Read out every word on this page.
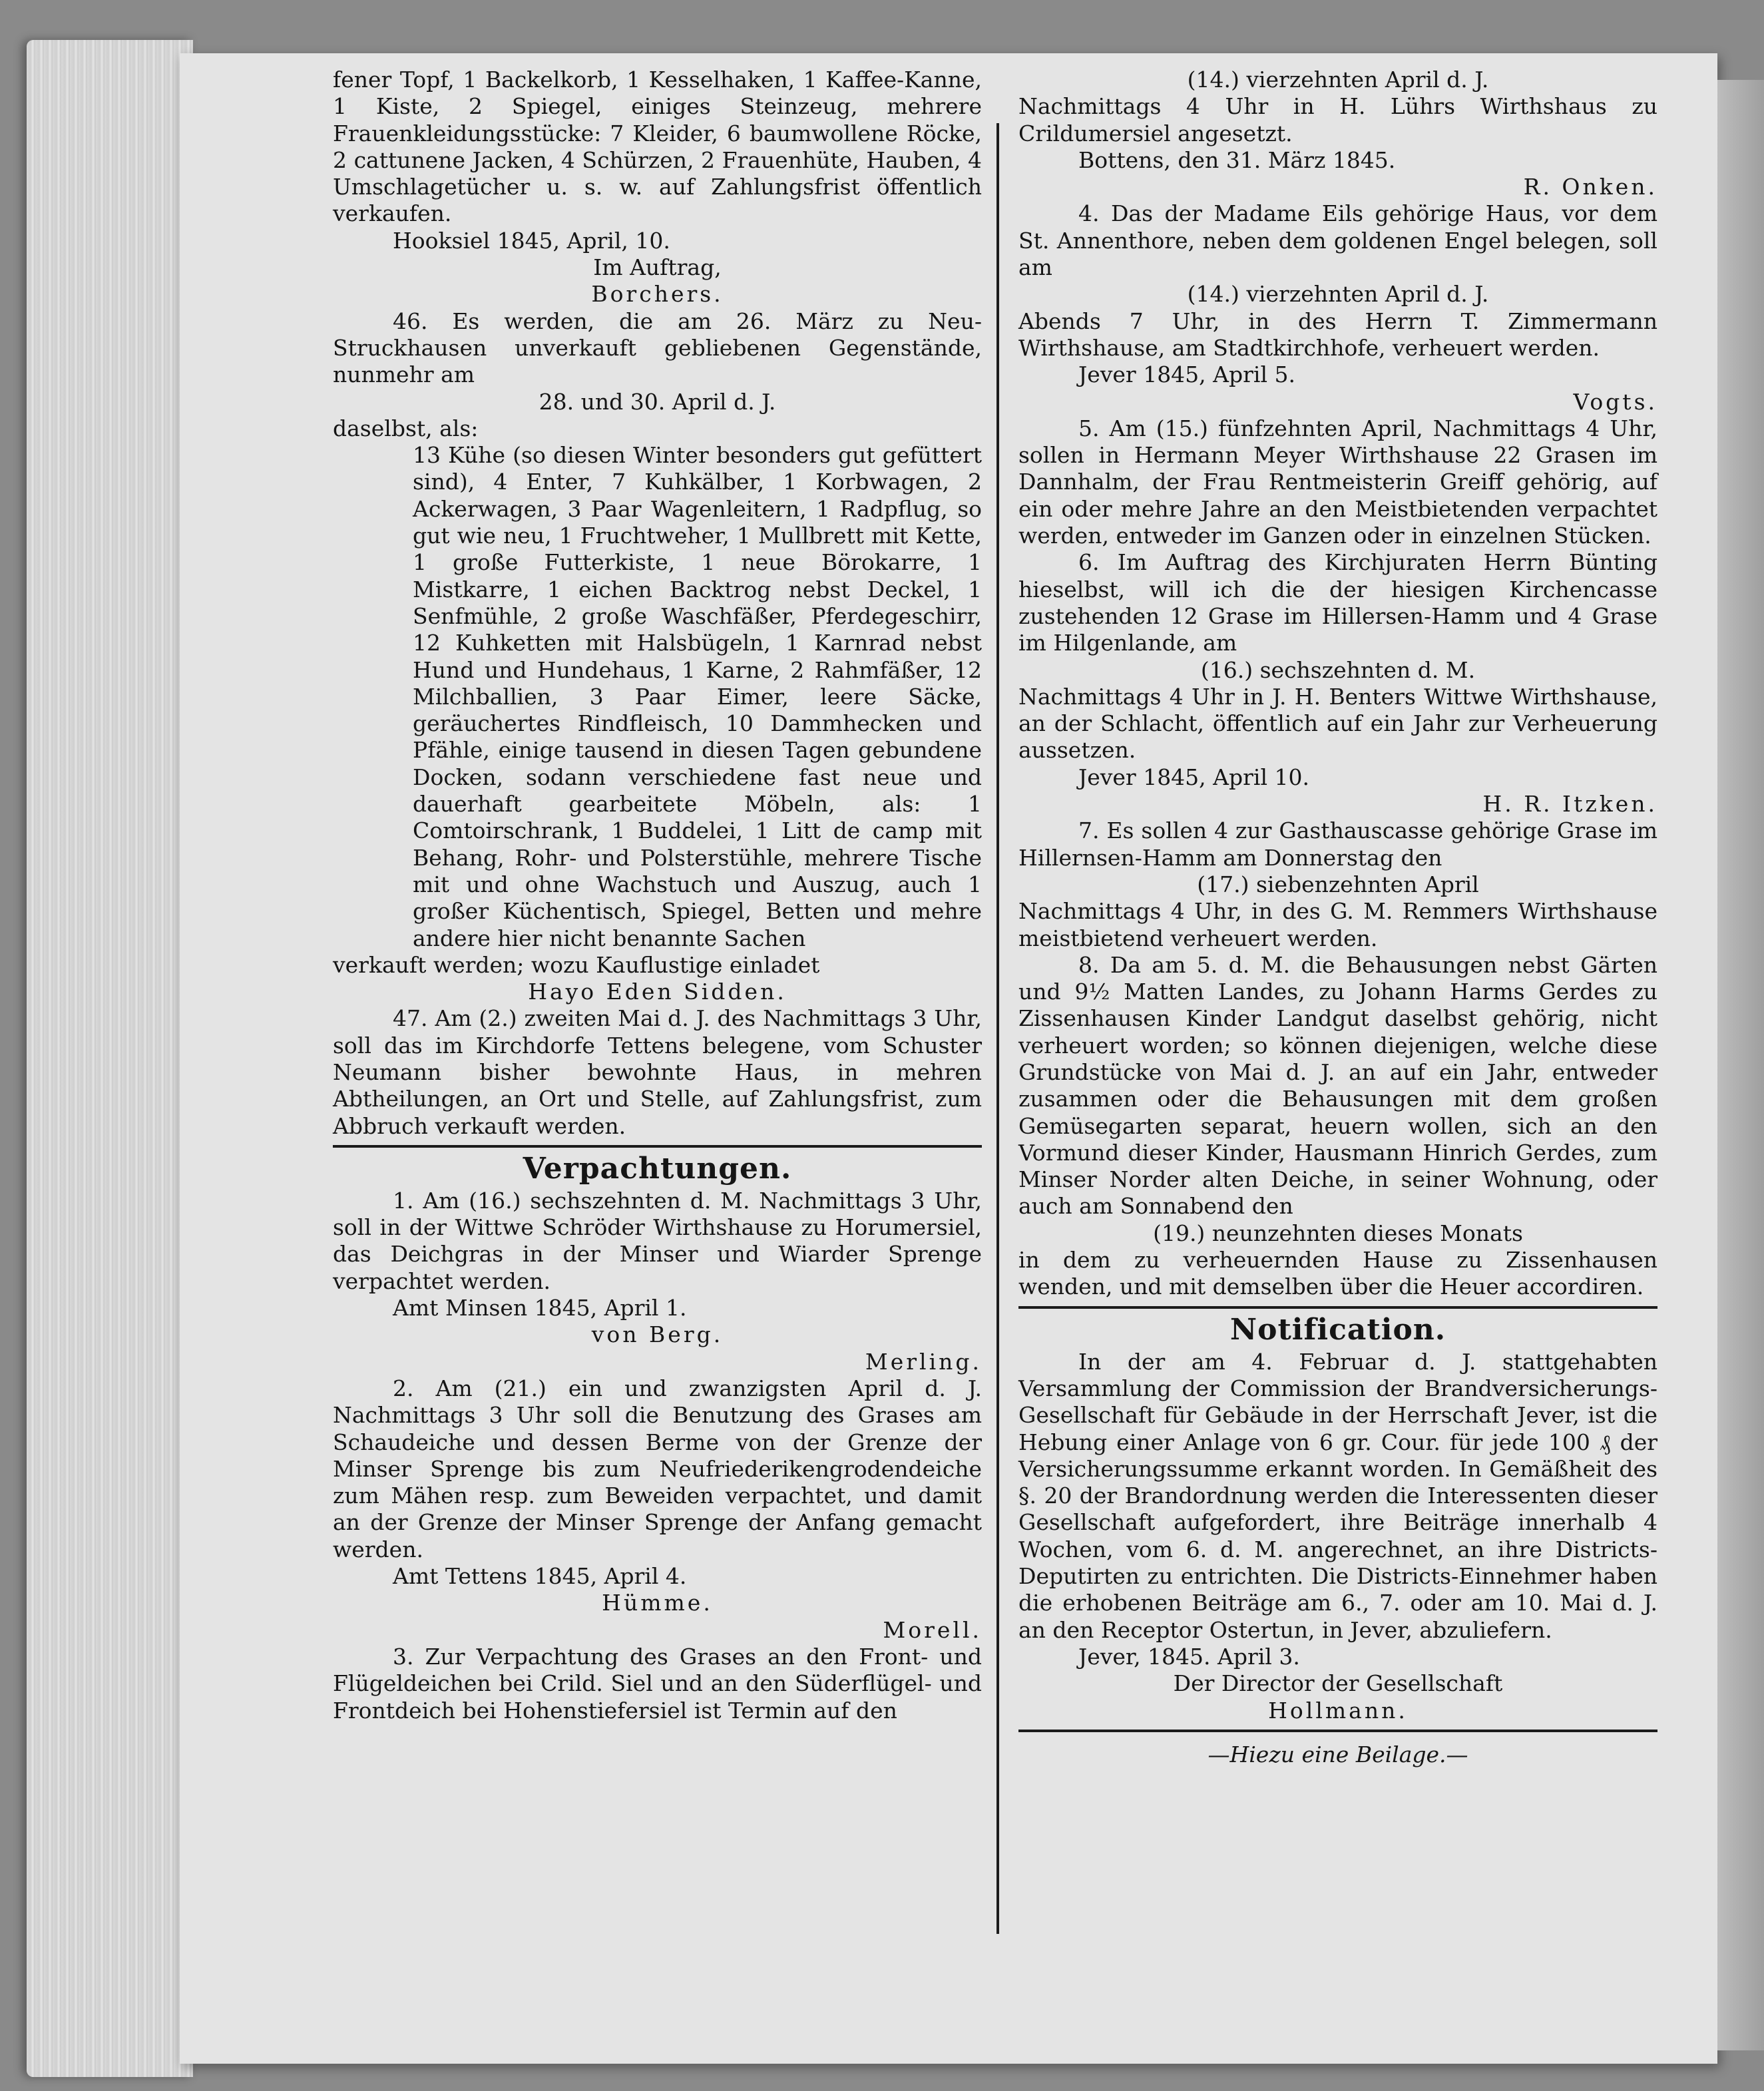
fener Topf, 1 Backelkorb, 1 Kesselhaken, 1 Kaffee-Kanne, 1 Kiste, 2 Spiegel, einiges Steinzeug, mehrere Frauenkleidungsstücke: 7 Kleider, 6 baumwollene Röcke, 2 cattunene Jacken, 4 Schürzen, 2 Frauenhüte, Hauben, 4 Umschlagetücher u. s. w. auf Zahlungsfrist öffentlich verkaufen.

Hooksiel 1845, April, 10.

Im Auftrag,

Borchers.

46. Es werden, die am 26. März zu Neu-Struckhausen unverkauft gebliebenen Gegenstände, nunmehr am

28. und 30. April d. J.

daselbst, als:

13 Kühe (so diesen Winter besonders gut gefüttert sind), 4 Enter, 7 Kuhkälber, 1 Korbwagen, 2 Ackerwagen, 3 Paar Wagenleitern, 1 Radpflug, so gut wie neu, 1 Fruchtweher, 1 Mullbrett mit Kette, 1 große Futterkiste, 1 neue Börokarre, 1 Mistkarre, 1 eichen Backtrog nebst Deckel, 1 Senfmühle, 2 große Waschfäßer, Pferdegeschirr, 12 Kuhketten mit Halsbügeln, 1 Karnrad nebst Hund und Hundehaus, 1 Karne, 2 Rahmfäßer, 12 Milchballien, 3 Paar Eimer, leere Säcke, geräuchertes Rindfleisch, 10 Dammhecken und Pfähle, einige tausend in diesen Tagen gebundene Docken, sodann verschiedene fast neue und dauerhaft gearbeitete Möbeln, als: 1 Comtoirschrank, 1 Buddelei, 1 Litt de camp mit Behang, Rohr- und Polsterstühle, mehrere Tische mit und ohne Wachstuch und Auszug, auch 1 großer Küchentisch, Spiegel, Betten und mehre andere hier nicht benannte Sachen

verkauft werden; wozu Kauflustige einladet

Hayo Eden Sidden.

47. Am (2.) zweiten Mai d. J. des Nachmittags 3 Uhr, soll das im Kirchdorfe Tettens belegene, vom Schuster Neumann bisher bewohnte Haus, in mehren Abtheilungen, an Ort und Stelle, auf Zahlungsfrist, zum Abbruch verkauft werden.

Verpachtungen.

1. Am (16.) sechszehnten d. M. Nachmittags 3 Uhr, soll in der Wittwe Schröder Wirthshause zu Horumersiel, das Deichgras in der Minser und Wiarder Sprenge verpachtet werden.

Amt Minsen 1845, April 1.

von Berg.

Merling.

2. Am (21.) ein und zwanzigsten April d. J. Nachmittags 3 Uhr soll die Benutzung des Grases am Schaudeiche und dessen Berme von der Grenze der Minser Sprenge bis zum Neufriederikengrodendeiche zum Mähen resp. zum Beweiden verpachtet, und damit an der Grenze der Minser Sprenge der Anfang gemacht werden.

Amt Tettens 1845, April 4.

Hümme.

Morell.

3. Zur Verpachtung des Grases an den Front- und Flügeldeichen bei Crild. Siel und an den Süderflügel- und Frontdeich bei Hohenstiefersiel ist Termin auf den

(14.) vierzehnten April d. J.

Nachmittags 4 Uhr in H. Lührs Wirthshaus zu Crildumersiel angesetzt.

Bottens, den 31. März 1845.

R. Onken.

4. Das der Madame Eils gehörige Haus, vor dem St. Annenthore, neben dem goldenen Engel belegen, soll am

(14.) vierzehnten April d. J.

Abends 7 Uhr, in des Herrn T. Zimmermann Wirthshause, am Stadtkirchhofe, verheuert werden.

Jever 1845, April 5.

Vogts.

5. Am (15.) fünfzehnten April, Nachmittags 4 Uhr, sollen in Hermann Meyer Wirthshause 22 Grasen im Dannhalm, der Frau Rentmeisterin Greiff gehörig, auf ein oder mehre Jahre an den Meistbietenden verpachtet werden, entweder im Ganzen oder in einzelnen Stücken.

6. Im Auftrag des Kirchjuraten Herrn Bünting hieselbst, will ich die der hiesigen Kirchencasse zustehenden 12 Grase im Hillersen-Hamm und 4 Grase im Hilgenlande, am

(16.) sechszehnten d. M.

Nachmittags 4 Uhr in J. H. Benters Wittwe Wirthshause, an der Schlacht, öffentlich auf ein Jahr zur Verheuerung aussetzen.

Jever 1845, April 10.

H. R. Itzken.

7. Es sollen 4 zur Gasthauscasse gehörige Grase im Hillernsen-Hamm am Donnerstag den

(17.) siebenzehnten April

Nachmittags 4 Uhr, in des G. M. Remmers Wirthshause meistbietend verheuert werden.

8. Da am 5. d. M. die Behausungen nebst Gärten und 9½ Matten Landes, zu Johann Harms Gerdes zu Zissenhausen Kinder Landgut daselbst gehörig, nicht verheuert worden; so können diejenigen, welche diese Grundstücke von Mai d. J. an auf ein Jahr, entweder zusammen oder die Behausungen mit dem großen Gemüsegarten separat, heuern wollen, sich an den Vormund dieser Kinder, Hausmann Hinrich Gerdes, zum Minser Norder alten Deiche, in seiner Wohnung, oder auch am Sonnabend den

(19.) neunzehnten dieses Monats

in dem zu verheuernden Hause zu Zissenhausen wenden, und mit demselben über die Heuer accordiren.

Notification.

In der am 4. Februar d. J. stattgehabten Versammlung der Commission der Brandversicherungs-Gesellschaft für Gebäude in der Herrschaft Jever, ist die Hebung einer Anlage von 6 gr. Cour. für jede 100 ₰ der Versicherungssumme erkannt worden. In Gemäßheit des §. 20 der Brandordnung werden die Interessenten dieser Gesellschaft aufgefordert, ihre Beiträge innerhalb 4 Wochen, vom 6. d. M. angerechnet, an ihre Districts-Deputirten zu entrichten. Die Districts-Einnehmer haben die erhobenen Beiträge am 6., 7. oder am 10. Mai d. J. an den Receptor Ostertun, in Jever, abzuliefern.

Jever, 1845. April 3.

Der Director der Gesellschaft

Hollmann.

—Hiezu eine Beilage.—
